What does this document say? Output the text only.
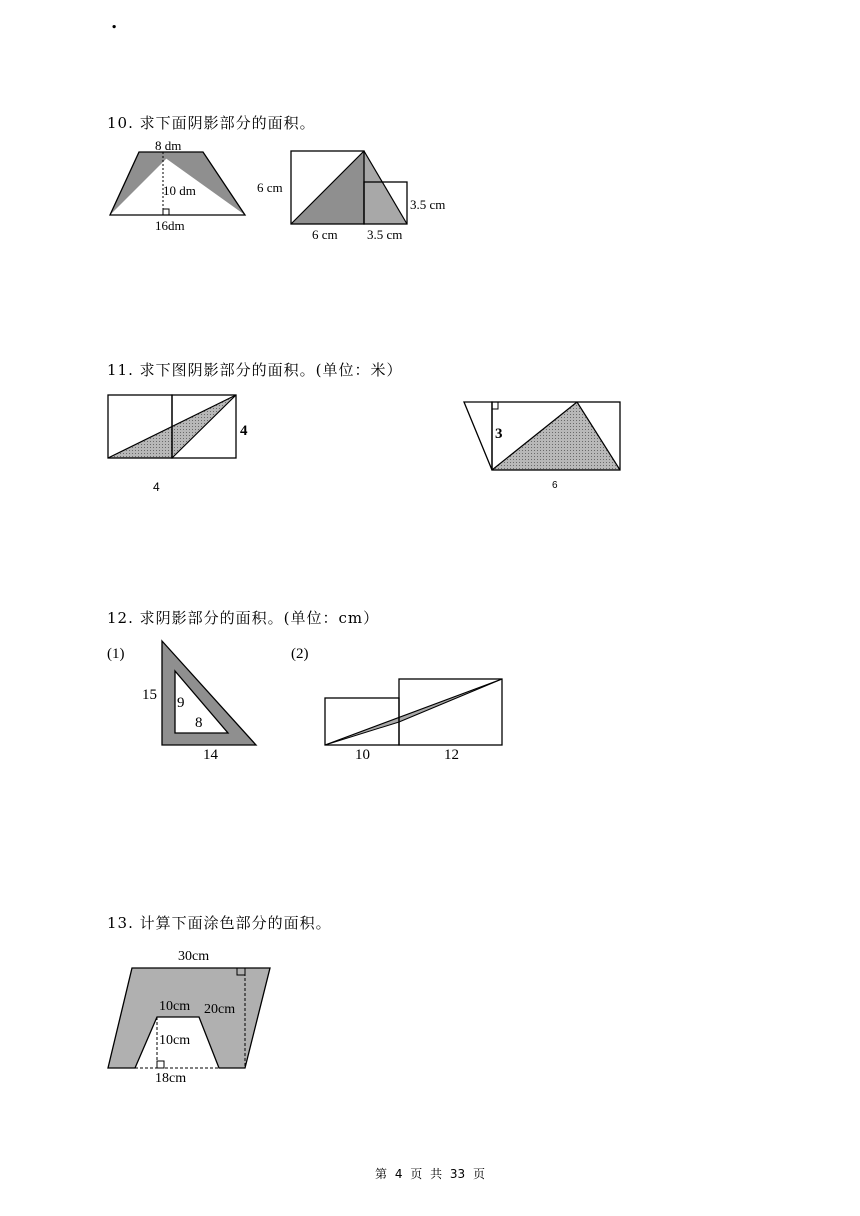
.
10. 求下面阴影部分的面积。
8 dm
10 dm
16dm
6 cm
3.5 cm
6 cm 3.5 cm
11. 求下图阴影部分的面积。(单位：米）
4
4
3
6
12. 求阴影部分的面积。(单位：cm）
(1)	(2)
15 9
8
14	10	12
13. 计算下面涂色部分的面积。
30cm
10cm 20cm
10cm
18cm
第 4 页 共 33 页
